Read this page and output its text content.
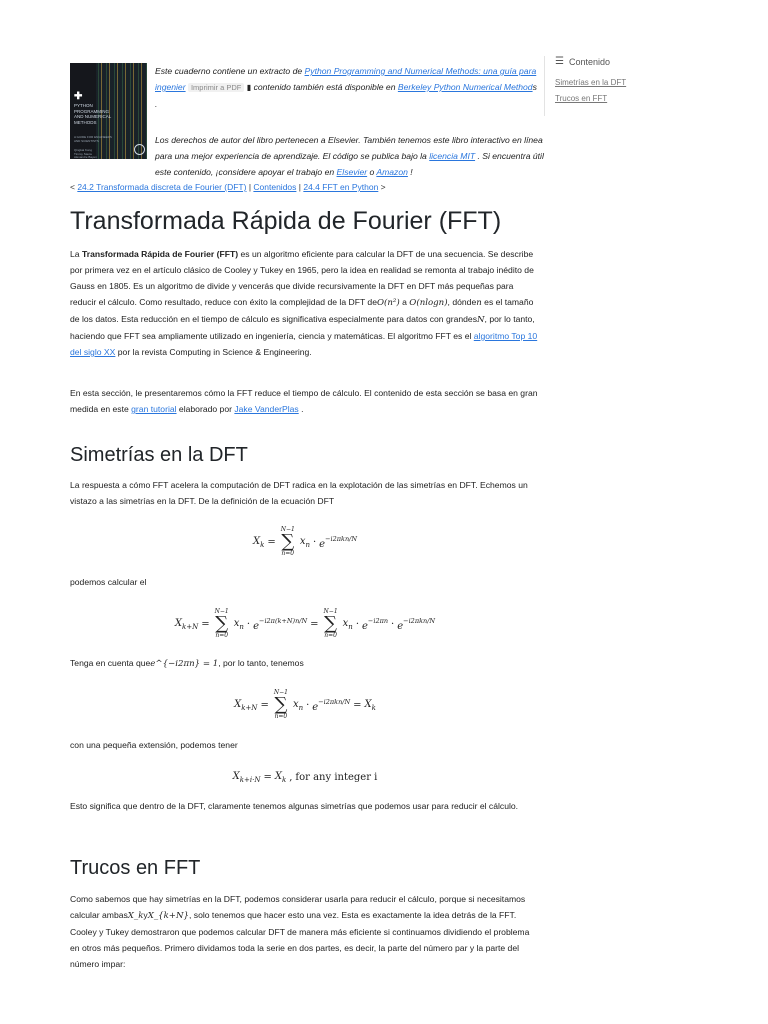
✚
PYTHON
PROGRAMMING
AND NUMERICAL
METHODS
A GUIDE FOR ENGINEERS AND SCIENTISTS
Qingkai Kong
Timmy Siauw
Alexandre Bayen

Este cuaderno contiene un extracto de Python Programming and Numerical Methods: una guía para
ingenier Imprimir a PDF ▮ contenido también está disponible en Berkeley Python Numerical Methods
.

Los derechos de autor del libro pertenecen a Elsevier. También tenemos este libro interactivo en línea para una mejor experiencia de aprendizaje. El código se publica bajo la licencia MIT . Si encuentra útil este contenido, ¡considere apoyar el trabajo en Elsevier o Amazon !

☰ Contenido
Simetrías en la DFT
Trucos en FFT
< 24.2 Transformada discreta de Fourier (DFT) | Contenidos | 24.4 FFT en Python >
Transformada Rápida de Fourier (FFT)

La Transformada Rápida de Fourier (FFT) es un algoritmo eficiente para calcular la DFT de una secuencia. Se describe por primera vez en el artículo clásico de Cooley y Tukey en 1965, pero la idea en realidad se remonta al trabajo inédito de Gauss en 1805. Es un algoritmo de divide y vencerás que divide recursivamente la DFT en DFT más pequeñas para reducir el cálculo. Como resultado, reduce con éxito la complejidad de la DFT deO(n²) a O(nlogn), dónden es el tamaño de los datos. Esta reducción en el tiempo de cálculo es significativa especialmente para datos con grandesN, por lo tanto, haciendo que FFT sea ampliamente utilizado en ingeniería, ciencia y matemáticas. El algoritmo FFT es el algoritmo Top 10 del siglo XX por la revista Computing in Science & Engineering.

En esta sección, le presentaremos cómo la FFT reduce el tiempo de cálculo. El contenido de esta sección se basa en gran medida en este gran tutorial elaborado por Jake VanderPlas .

Simetrías en la DFT

La respuesta a cómo FFT acelera la computación de DFT radica en la explotación de las simetrías en DFT. Echemos un vistazo a las simetrías en la DFT. De la definición de la ecuación DFT

$X_k$ =
N−1
∑
n=0
$x_n \cdot e^{-i2\pi kn/N}$

podemos calcular el

$X_{k+N}$ =
N−1
∑
n=0
$x_n \cdot e^{-i2\pi(k+N)n/N}$ =
N−1
∑
n=0
$x_n \cdot e^{-i2\pi n} \cdot e^{-i2\pi kn/N}$

Tenga en cuenta quee^{−i2πn} = 1, por lo tanto, tenemos

$X_{k+N}$ =
N−1
∑
n=0
$x_n \cdot e^{-i2\pi kn/N} = X_k$

con una pequeña extensión, podemos tener

$X_{k+i\cdot N} = X_k$ , for any integer i

Esto significa que dentro de la DFT, claramente tenemos algunas simetrías que podemos usar para reducir el cálculo.

Trucos en FFT

Como sabemos que hay simetrías en la DFT, podemos considerar usarla para reducir el cálculo, porque si necesitamos calcular ambasX_kyX_{k+N}, solo tenemos que hacer esto una vez. Esta es exactamente la idea detrás de la FFT. Cooley y Tukey demostraron que podemos calcular DFT de manera más eficiente si continuamos dividiendo el problema en otros más pequeños. Primero dividamos toda la serie en dos partes, es decir, la parte del número par y la parte del número impar:
